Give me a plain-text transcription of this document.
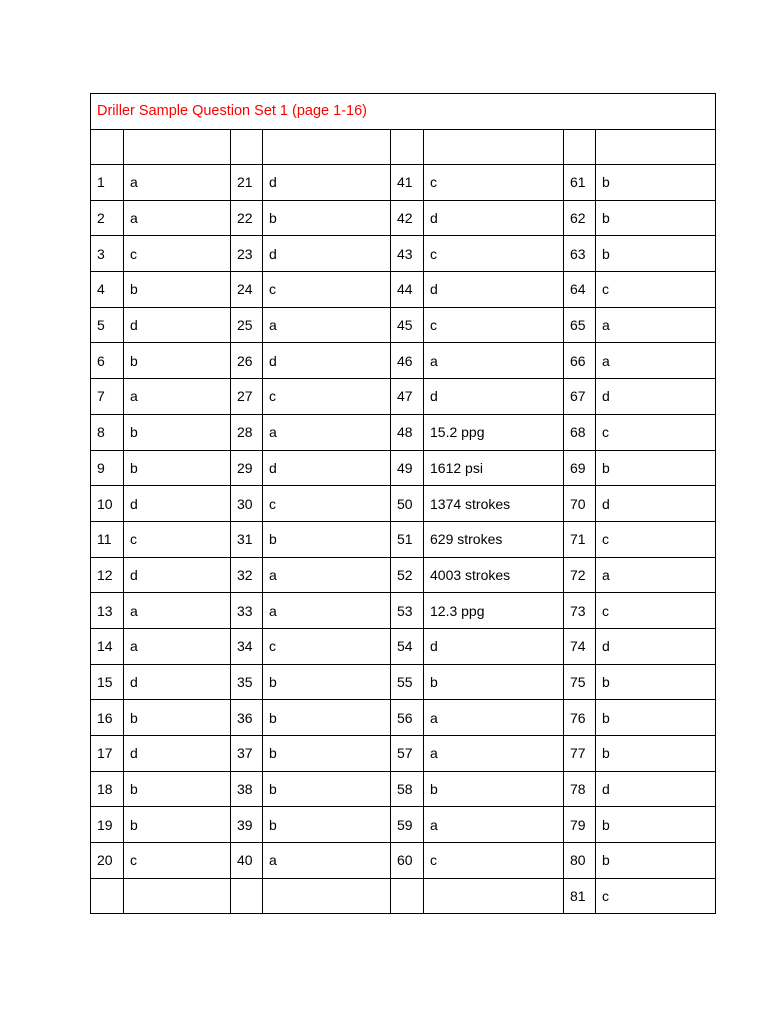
Driller Sample Question Set 1 (page 1-16)							

1	a	21	d	41	c	61	b
2	a	22	b	42	d	62	b
3	c	23	d	43	c	63	b
4	b	24	c	44	d	64	c
5	d	25	a	45	c	65	a
6	b	26	d	46	a	66	a
7	a	27	c	47	d	67	d
8	b	28	a	48	15.2 ppg	68	c
9	b	29	d	49	1612 psi	69	b
10	d	30	c	50	1374 strokes	70	d
11	c	31	b	51	629 strokes	71	c
12	d	32	a	52	4003 strokes	72	a
13	a	33	a	53	12.3 ppg	73	c
14	a	34	c	54	d	74	d
15	d	35	b	55	b	75	b
16	b	36	b	56	a	76	b
17	d	37	b	57	a	77	b
18	b	38	b	58	b	78	d
19	b	39	b	59	a	79	b
20	c	40	a	60	c	80	b
						81	c
